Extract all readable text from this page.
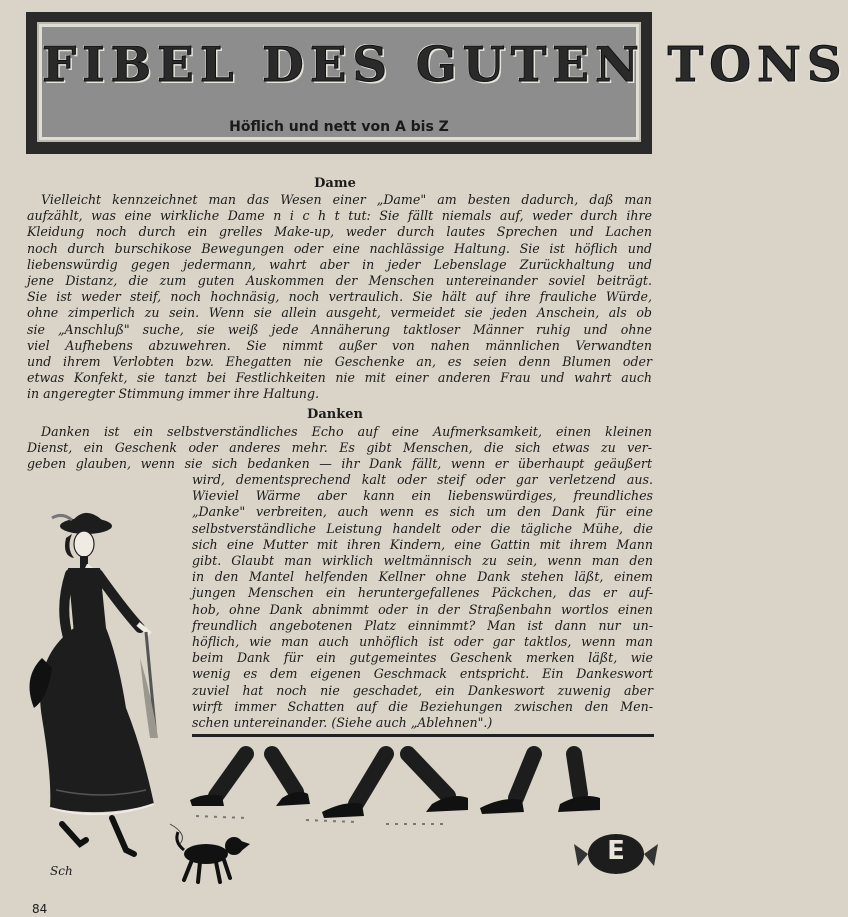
FIBEL DES GUTEN TONS
Höflich und nett von A bis Z
Dame
Vielleicht kennzeichnet man das Wesen einer „Dame" am besten dadurch, daß man
aufzählt, was eine wirkliche Dame n i c h t tut: Sie fällt niemals auf, weder durch ihre
Kleidung noch durch ein grelles Make-up, weder durch lautes Sprechen und Lachen
noch durch burschikose Bewegungen oder eine nachlässige Haltung. Sie ist höflich und
liebenswürdig gegen jedermann, wahrt aber in jeder Lebenslage Zurückhaltung und
jene Distanz, die zum guten Auskommen der Menschen untereinander soviel beiträgt.
Sie ist weder steif, noch hochnäsig, noch vertraulich. Sie hält auf ihre frauliche Würde,
ohne zimperlich zu sein. Wenn sie allein ausgeht, vermeidet sie jeden Anschein, als ob
sie „Anschluß" suche, sie weiß jede Annäherung taktloser Männer ruhig und ohne
viel Aufhebens abzuwehren. Sie nimmt außer von nahen männlichen Verwandten
und ihrem Verlobten bzw. Ehegatten nie Geschenke an, es seien denn Blumen oder
etwas Konfekt, sie tanzt bei Festlichkeiten nie mit einer anderen Frau und wahrt auch
in angeregter Stimmung immer ihre Haltung.
Danken
Danken ist ein selbstverständliches Echo auf eine Aufmerksamkeit, einen kleinen
Dienst, ein Geschenk oder anderes mehr. Es gibt Menschen, die sich etwas zu ver-
geben glauben, wenn sie sich bedanken — ihr Dank fällt, wenn er überhaupt geäußert
wird, dementsprechend kalt oder steif oder gar verletzend aus.
Wieviel Wärme aber kann ein liebenswürdiges, freundliches
„Danke" verbreiten, auch wenn es sich um den Dank für eine
selbstverständliche Leistung handelt oder die tägliche Mühe, die
sich eine Mutter mit ihren Kindern, eine Gattin mit ihrem Mann
gibt. Glaubt man wirklich weltmännisch zu sein, wenn man den
in den Mantel helfenden Kellner ohne Dank stehen läßt, einem
jungen Menschen ein heruntergefallenes Päckchen, das er auf-
hob, ohne Dank abnimmt oder in der Straßenbahn wortlos einen
freundlich angebotenen Platz einnimmt? Man ist dann nur un-
höflich, wie man auch unhöflich ist oder gar taktlos, wenn man
beim Dank für ein gutgemeintes Geschenk merken läßt, wie
wenig es dem eigenen Geschmack entspricht. Ein Dankeswort
zuviel hat noch nie geschadet, ein Dankeswort zuwenig aber
wirft immer Schatten auf die Beziehungen zwischen den Men-
schen untereinander. (Siehe auch „Ablehnen".)
Sch
E
84
